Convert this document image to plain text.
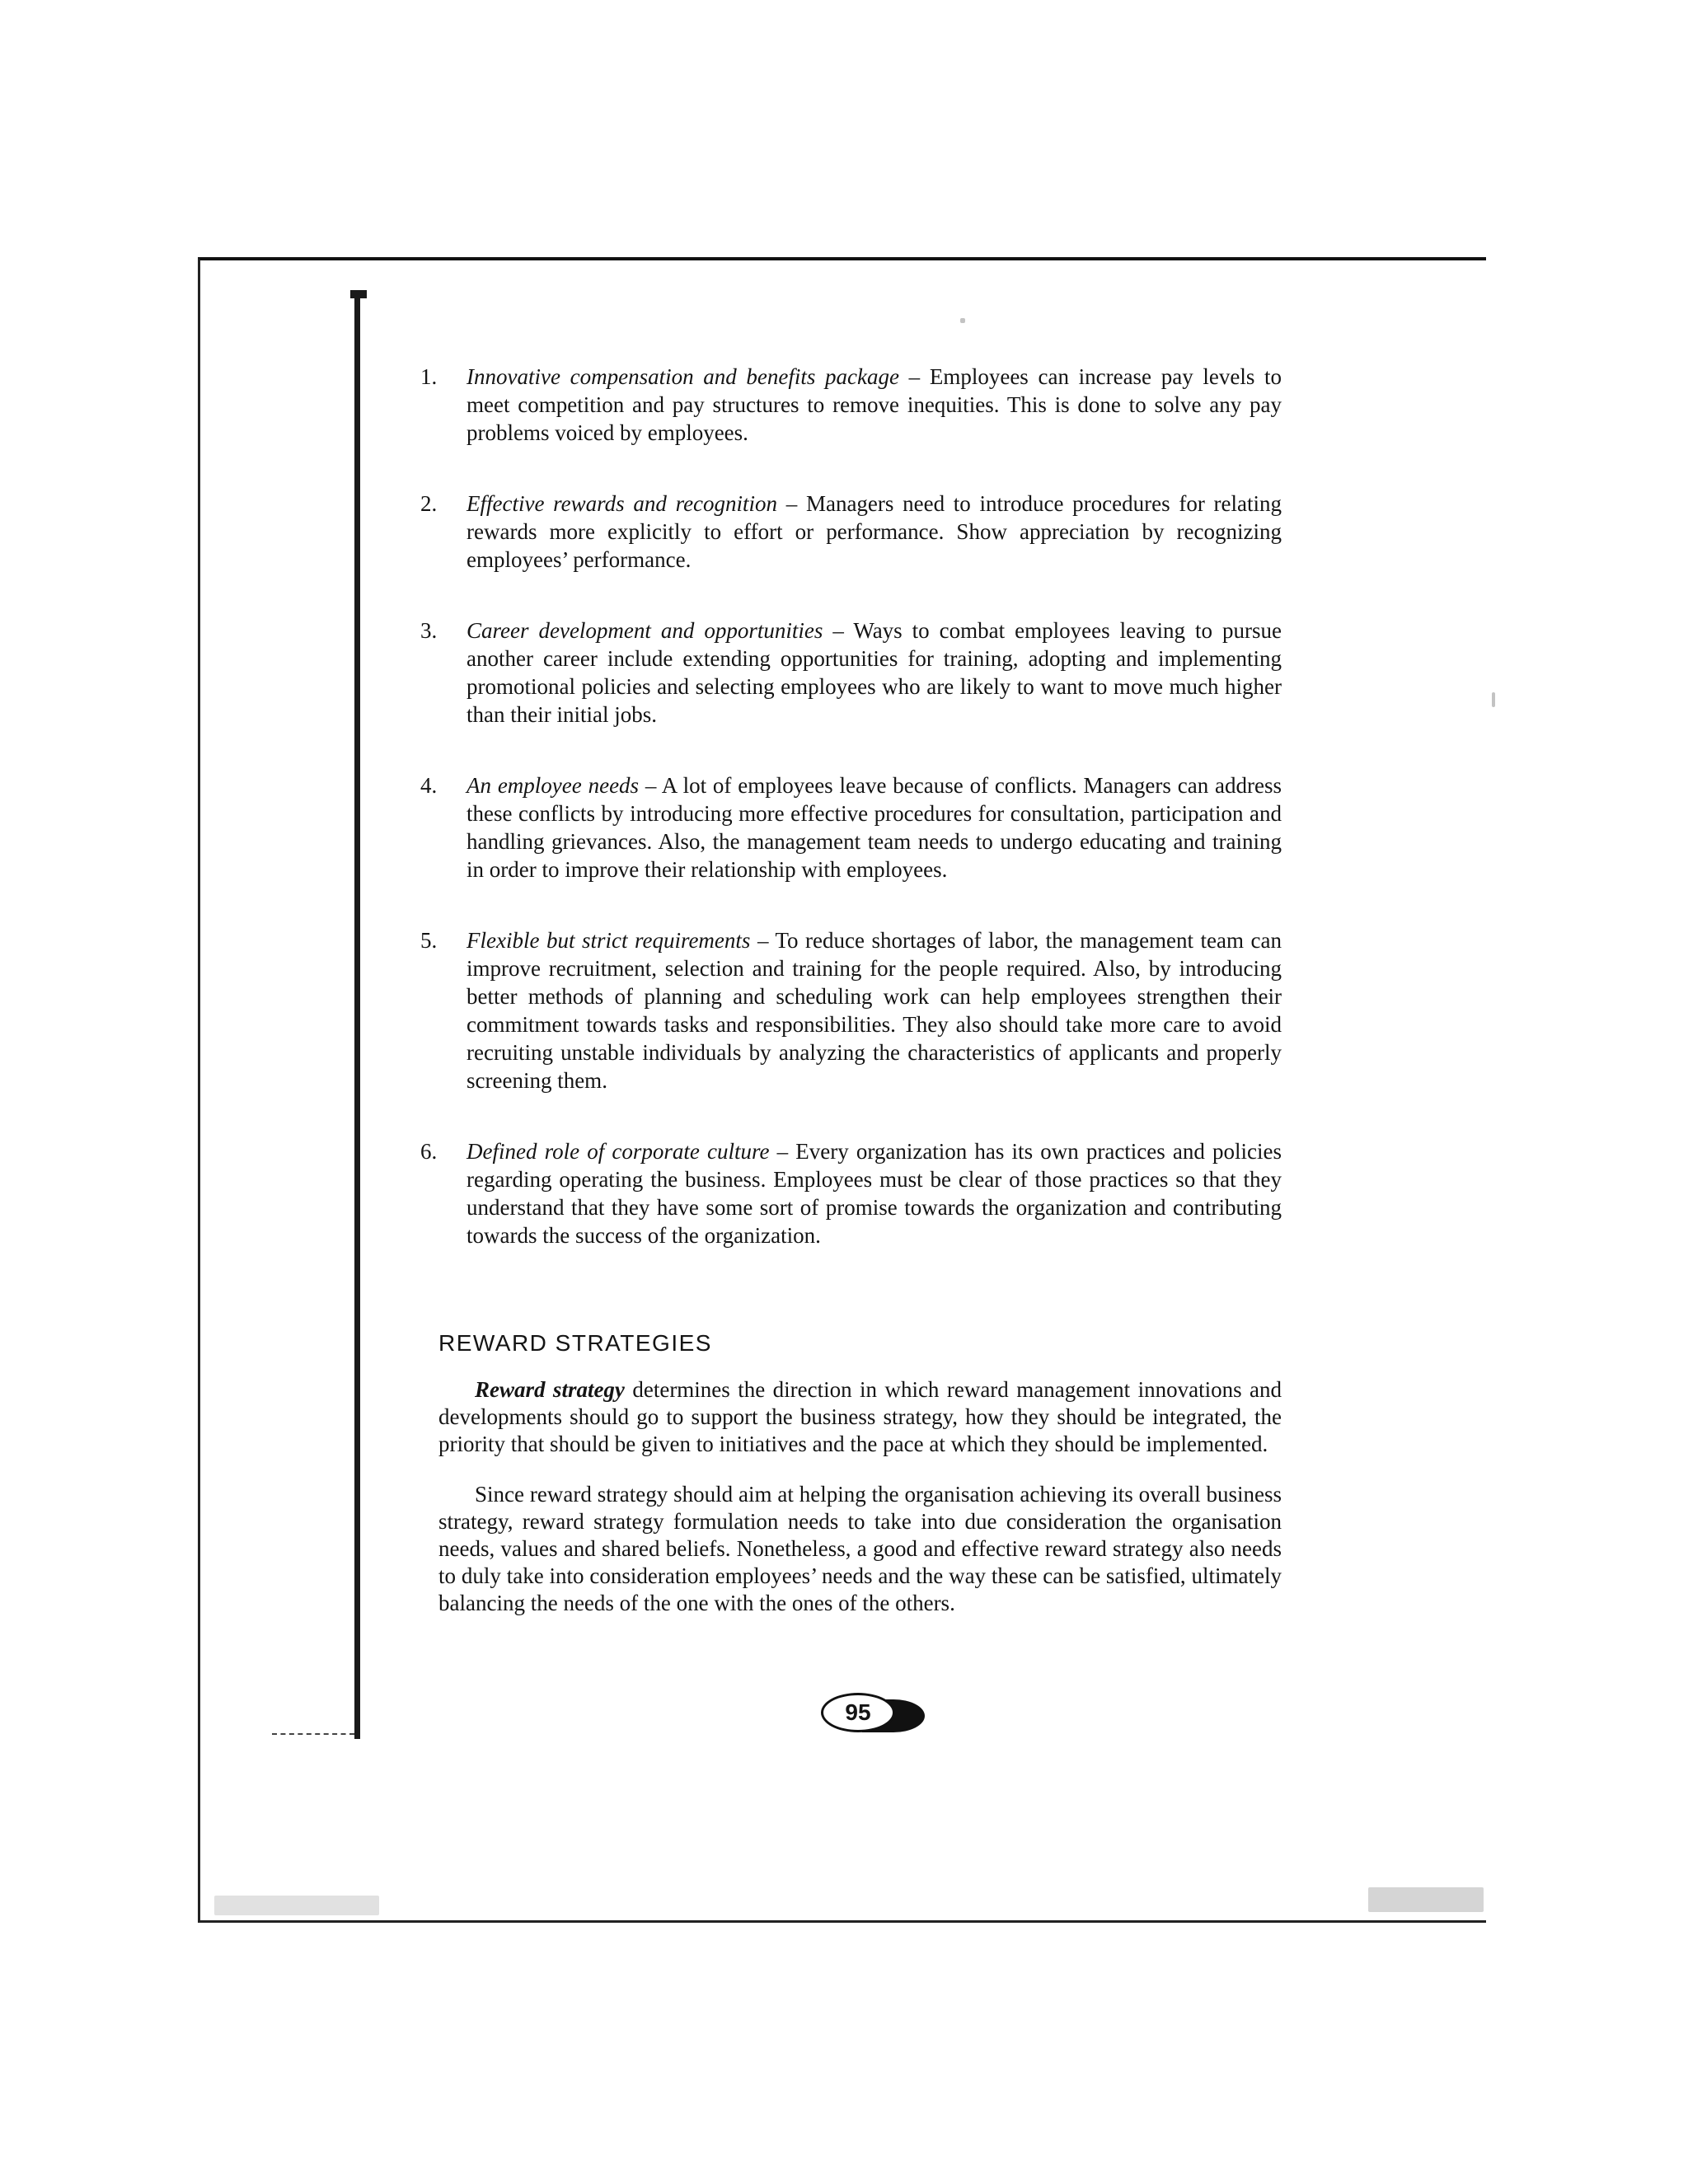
1. Innovative compensation and benefits package – Employees can increase pay levels to meet competition and pay structures to remove inequities. This is done to solve any pay problems voiced by employees.
2. Effective rewards and recognition – Managers need to introduce procedures for relating rewards more explicitly to effort or performance. Show appreciation by recognizing employees’ performance.
3. Career development and opportunities – Ways to combat employees leaving to pursue another career include extending opportunities for training, adopting and implementing promotional policies and selecting employees who are likely to want to move much higher than their initial jobs.
4. An employee needs – A lot of employees leave because of conflicts. Managers can address these conflicts by introducing more effective procedures for consultation, participation and handling grievances. Also, the management team needs to undergo educating and training in order to improve their relationship with employees.
5. Flexible but strict requirements – To reduce shortages of labor, the management team can improve recruitment, selection and training for the people required. Also, by introducing better methods of planning and scheduling work can help employees strengthen their commitment towards tasks and responsibilities. They also should take more care to avoid recruiting unstable individuals by analyzing the characteristics of applicants and properly screening them.
6. Defined role of corporate culture – Every organization has its own practices and policies regarding operating the business. Employees must be clear of those practices so that they understand that they have some sort of promise towards the organization and contributing towards the success of the organization.
REWARD STRATEGIES

Reward strategy determines the direction in which reward management innovations and developments should go to support the business strategy, how they should be integrated, the priority that should be given to initiatives and the pace at which they should be implemented.

Since reward strategy should aim at helping the organisation achieving its overall business strategy, reward strategy formulation needs to take into due consideration the organisation needs, values and shared beliefs. Nonetheless, a good and effective reward strategy also needs to duly take into consideration employees’ needs and the way these can be satisfied, ultimately balancing the needs of the one with the ones of the others.

95
